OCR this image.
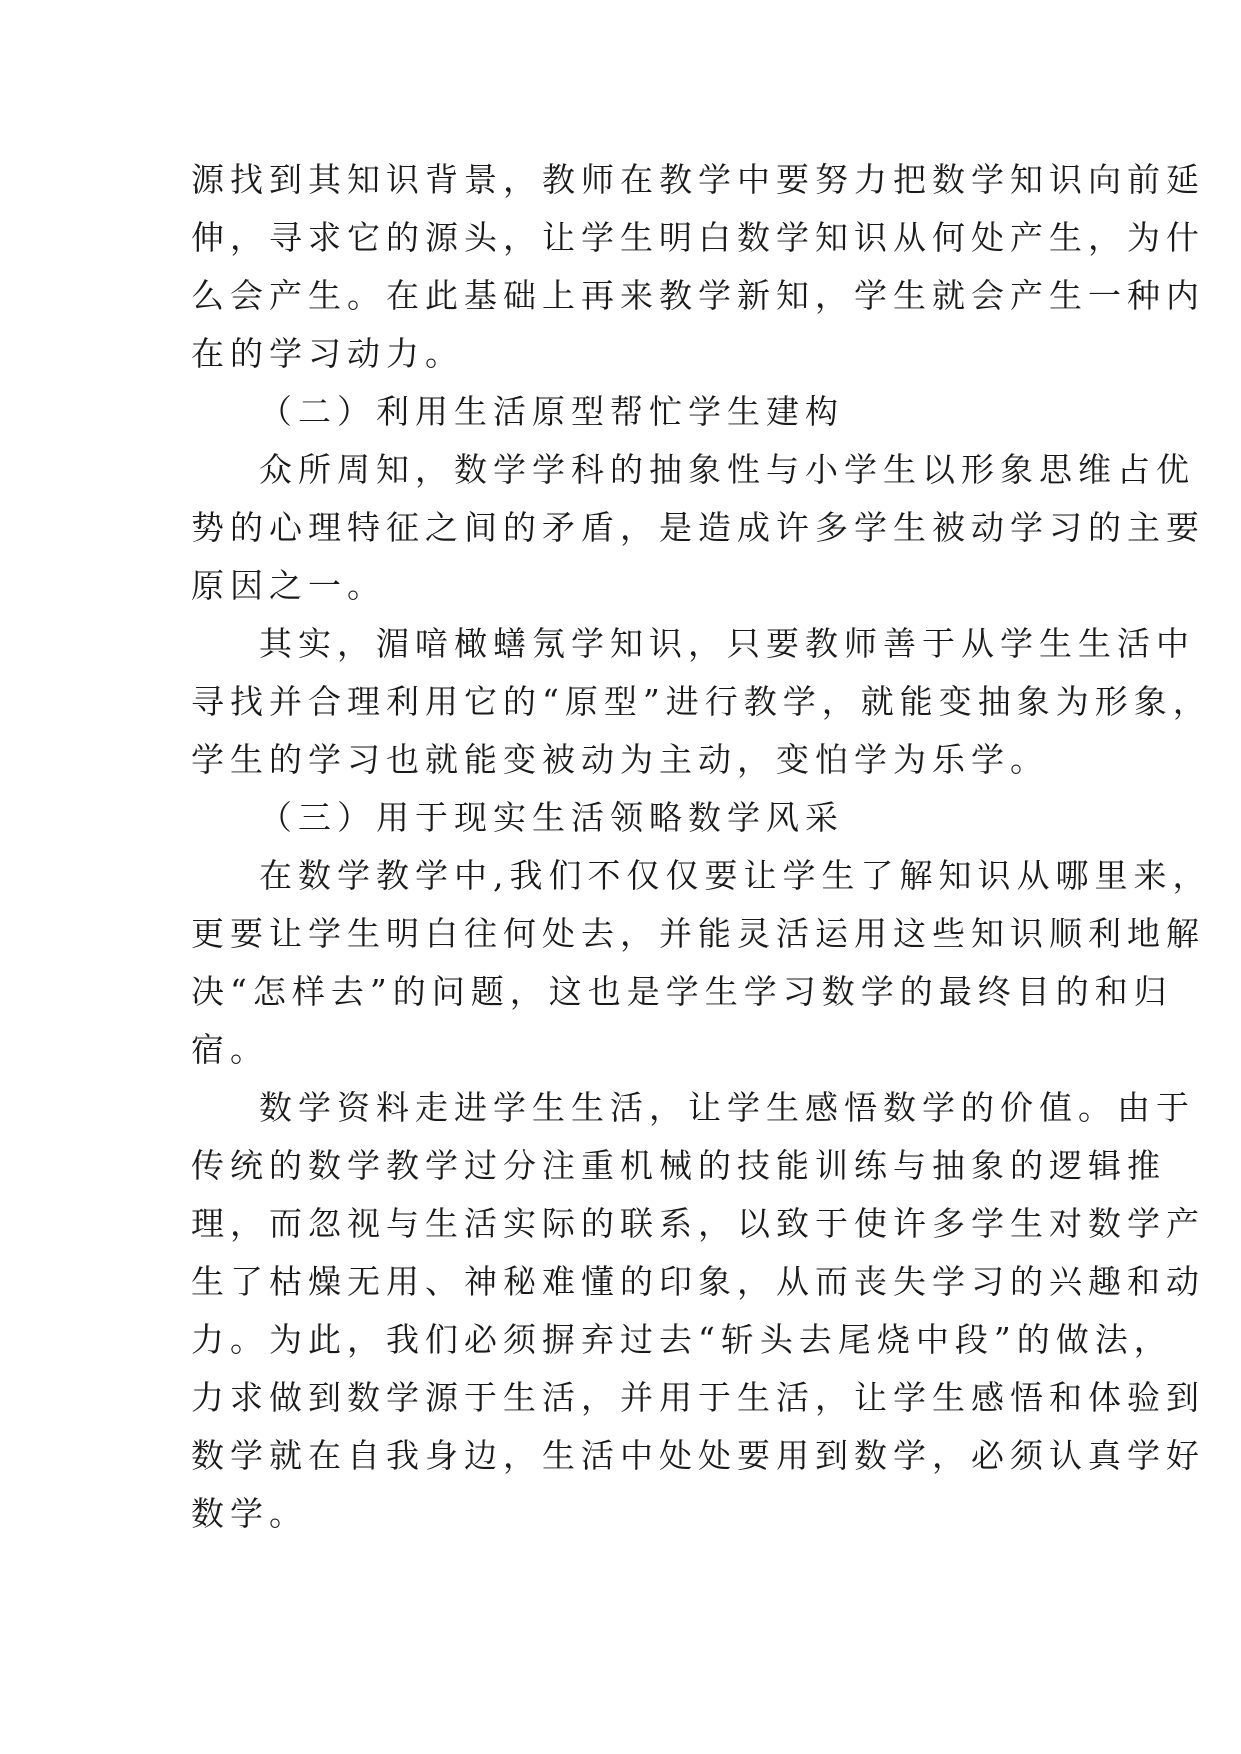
源找到其知识背景，教师在教学中要努力把数学知识向前延
伸，寻求它的源头，让学生明白数学知识从何处产生，为什
么会产生。在此基础上再来教学新知，学生就会产生一种内
在的学习动力。
（二）利用生活原型帮忙学生建构
众所周知，数学学科的抽象性与小学生以形象思维占优
势的心理特征之间的矛盾，是造成许多学生被动学习的主要
原因之一。
其实，湄喑橄蟮氖学知识，只要教师善于从学生生活中
寻找并合理利用它的“原型”进行教学，就能变抽象为形象，
学生的学习也就能变被动为主动，变怕学为乐学。
（三）用于现实生活领略数学风采
在数学教学中,我们不仅仅要让学生了解知识从哪里来，
更要让学生明白往何处去，并能灵活运用这些知识顺利地解
决“怎样去”的问题，这也是学生学习数学的最终目的和归
宿。
数学资料走进学生生活，让学生感悟数学的价值。由于
传统的数学教学过分注重机械的技能训练与抽象的逻辑推
理，而忽视与生活实际的联系，以致于使许多学生对数学产
生了枯燥无用、神秘难懂的印象，从而丧失学习的兴趣和动
力。为此，我们必须摒弃过去“斩头去尾烧中段”的做法，
力求做到数学源于生活，并用于生活，让学生感悟和体验到
数学就在自我身边，生活中处处要用到数学，必须认真学好
数学。
